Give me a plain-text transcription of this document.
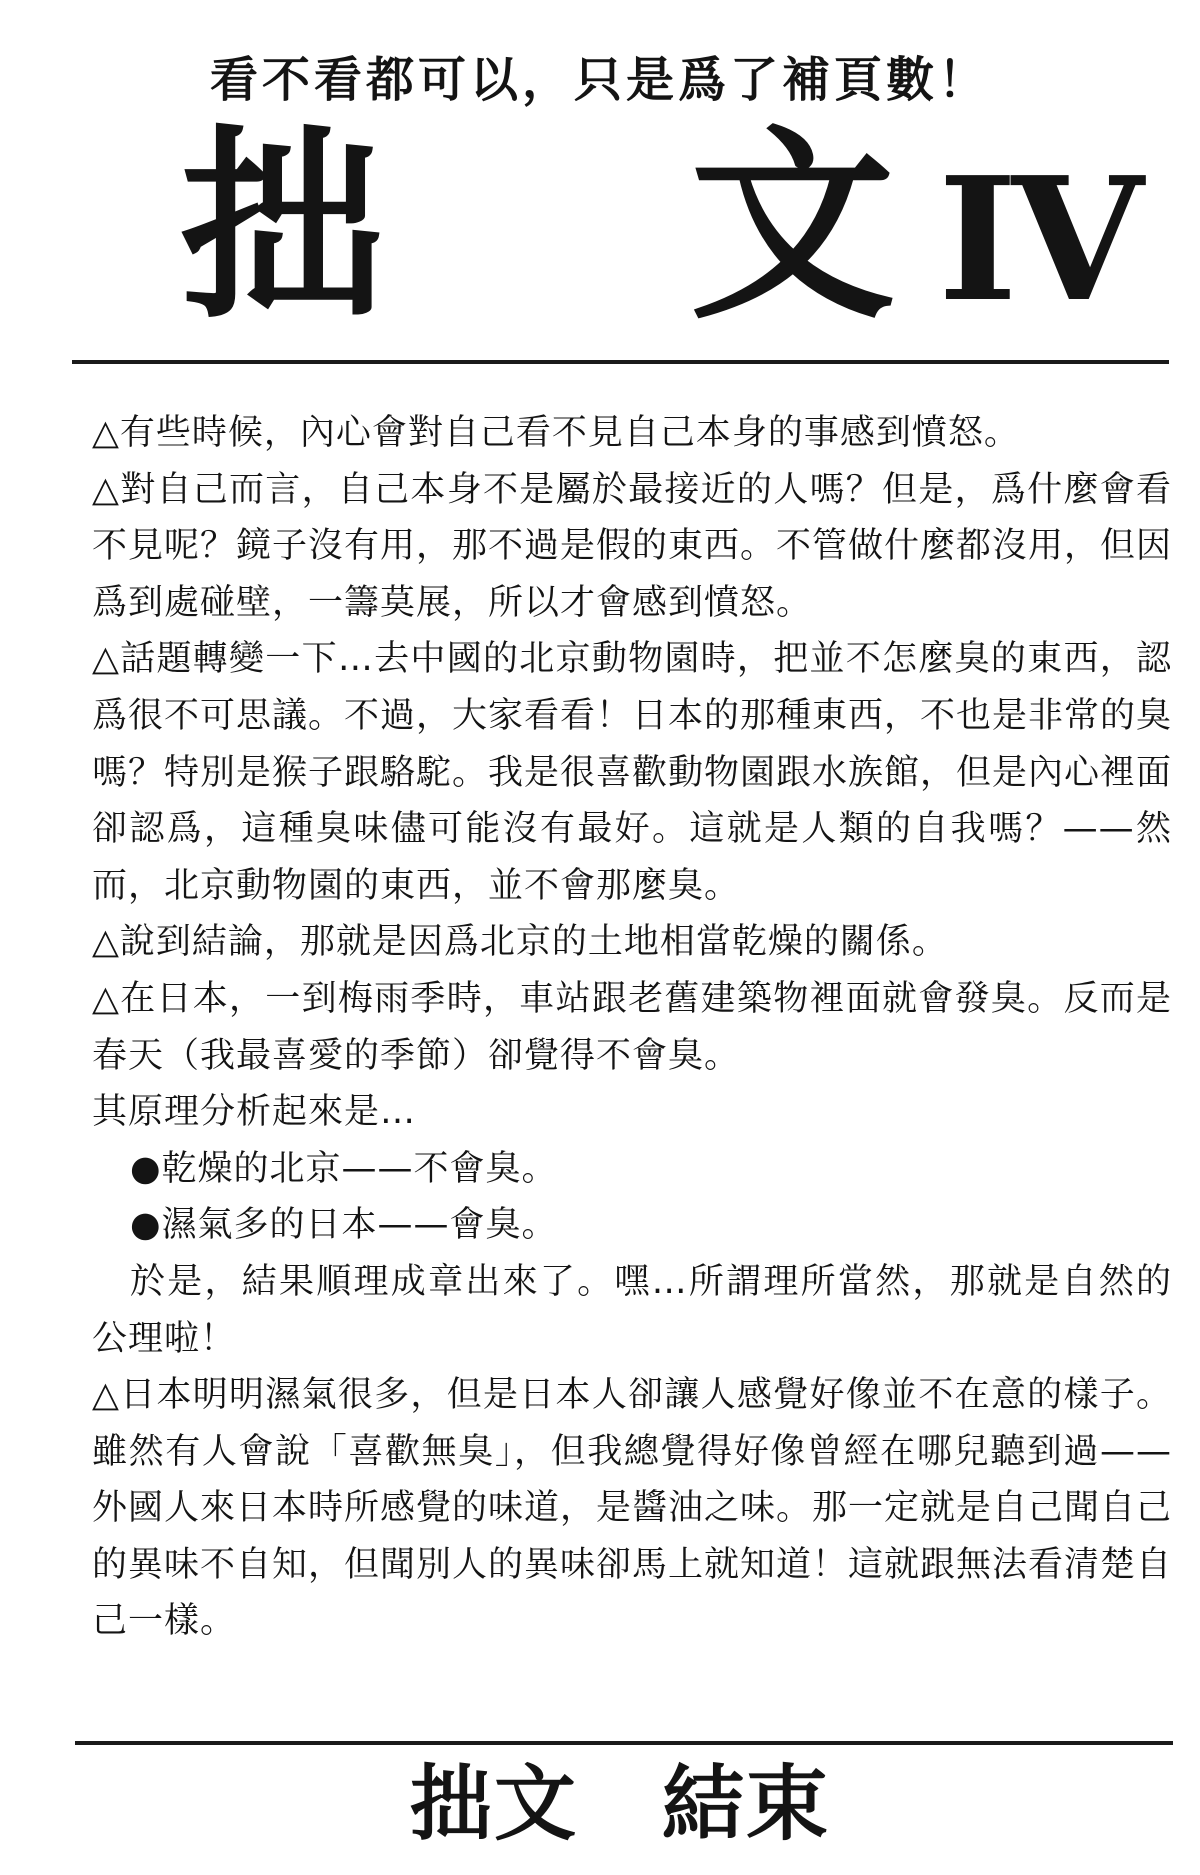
看不看都可以，只是爲了補頁數！
拙 文 IV

△有些時候，內心會對自己看不見自己本身的事感到憤怒。

△對自己而言，自己本身不是屬於最接近的人嗎？但是，爲什麼會看不見呢？鏡子沒有用，那不過是假的東西。不管做什麼都沒用，但因爲到處碰壁，一籌莫展，所以才會感到憤怒。

△話題轉變一下…去中國的北京動物園時，把並不怎麼臭的東西，認爲很不可思議。不過，大家看看！日本的那種東西，不也是非常的臭嗎？特別是猴子跟駱駝。我是很喜歡動物園跟水族館，但是內心裡面卻認爲，這種臭味儘可能沒有最好。這就是人類的自我嗎？——然而，北京動物園的東西，並不會那麼臭。

△說到結論，那就是因爲北京的土地相當乾燥的關係。

△在日本，一到梅雨季時，車站跟老舊建築物裡面就會發臭。反而是春天（我最喜愛的季節）卻覺得不會臭。

其原理分析起來是…

●乾燥的北京——不會臭。

●濕氣多的日本——會臭。

於是，結果順理成章出來了。嘿…所謂理所當然，那就是自然的公理啦！

△日本明明濕氣很多，但是日本人卻讓人感覺好像並不在意的樣子。雖然有人會說「喜歡無臭」，但我總覺得好像曾經在哪兒聽到過——外國人來日本時所感覺的味道，是醬油之味。那一定就是自己聞自己的異味不自知，但聞別人的異味卻馬上就知道！這就跟無法看清楚自己一樣。

拙文　結束
